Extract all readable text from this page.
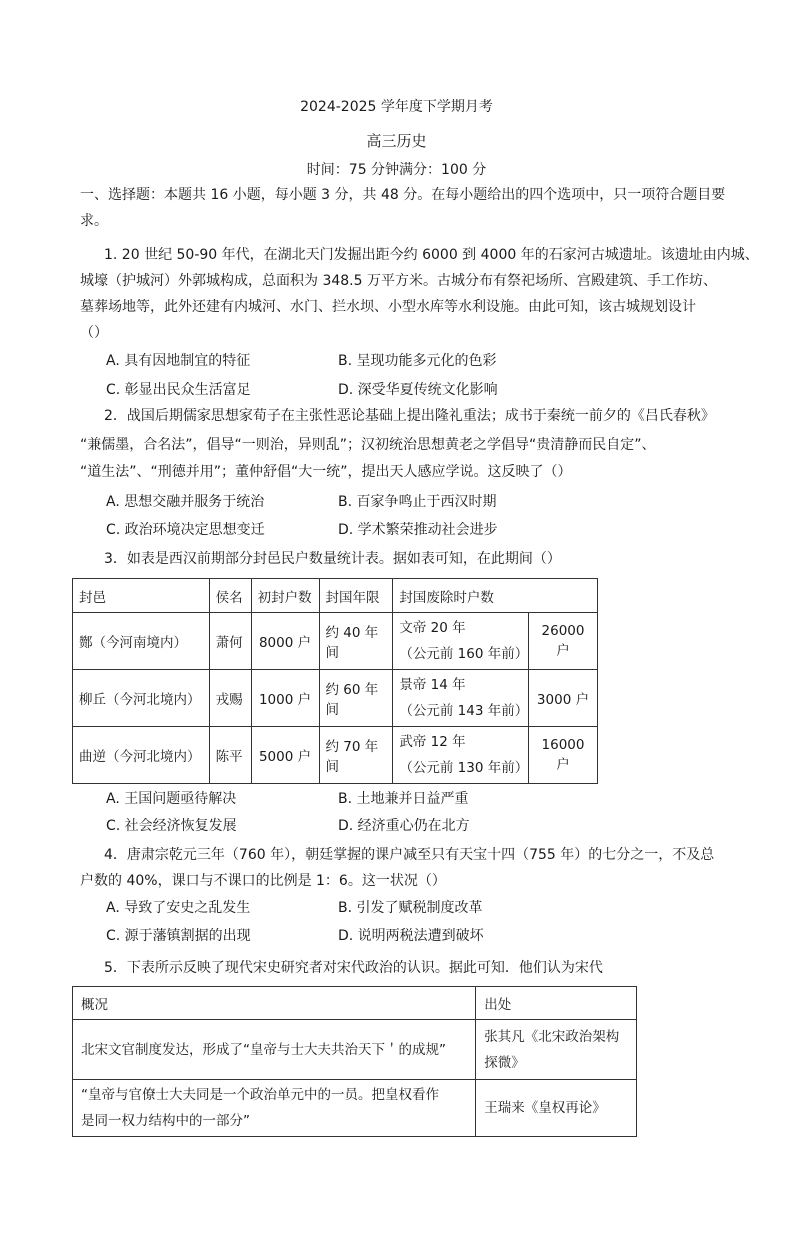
2024-2025 学年度下学期月考
高三历史
时间：75 分钟满分：100 分
一、选择题：本题共 16 小题，每小题 3 分，共 48 分。在每小题给出的四个选项中，只一项符合题目要
求。
1. 20 世纪 50-90 年代，在湖北天门发掘出距今约 6000 到 4000 年的石家河古城遗址。该遗址由内城、
城壕（护城河）外郭城构成，总面积为 348.5 万平方米。古城分布有祭祀场所、宫殿建筑、手工作坊、
墓葬场地等，此外还建有内城河、水门、拦水坝、小型水库等水利设施。由此可知，该古城规划设计
（）
A. 具有因地制宜的特征	B. 呈现功能多元化的色彩
C. 彰显出民众生活富足	D. 深受华夏传统文化影响
2．战国后期儒家思想家荀子在主张性恶论基础上提出隆礼重法；成书于秦统一前夕的《吕氏春秋》
“兼儒墨，合名法”，倡导“一则治，异则乱”；汉初统治思想黄老之学倡导“贵清静而民自定”、
“道生法”、“刑德并用”；董仲舒倡“大一统”，提出天人感应学说。这反映了（）
A. 思想交融并服务于统治	B. 百家争鸣止于西汉时期
C. 政治环境决定思想变迁	D. 学术繁荣推动社会进步
3．如表是西汉前期部分封邑民户数量统计表。据如表可知，在此期间（）
封邑	侯名	初封户数	封国年限	封国废除时户数	
酂（今河南境内）	萧何	8000 户	约 40 年间	文帝 20 年
（公元前 160 年前）	26000 户
柳丘（今河北境内）	戎赐	1000 户	约 60 年间	景帝 14 年
（公元前 143 年前）	3000 户
曲逆（今河北境内）	陈平	5000 户	约 70 年间	武帝 12 年
（公元前 130 年前）	16000 户
A. 王国问题亟待解决	B. 土地兼并日益严重
C. 社会经济恢复发展	D. 经济重心仍在北方
4．唐肃宗乾元三年（760 年），朝廷掌握的课户减至只有天宝十四（755 年）的七分之一，不及总
户数的 40%，课口与不课口的比例是 1：6。这一状况（）
A. 导致了安史之乱发生	B. 引发了赋税制度改革
C. 源于藩镇割据的出现	D. 说明两税法遭到破坏
5．下表所示反映了现代宋史研究者对宋代政治的认识。据此可知．他们认为宋代
概况	出处

北宋文官制度发达，形成了“皇帝与士大夫共治天下＇的成规”	张其凡《北宋政治架构
探微》

“皇帝与官僚士大夫同是一个政治单元中的一员。把皇权看作
是同一权力结构中的一部分”	王瑞来《皇权再论》
